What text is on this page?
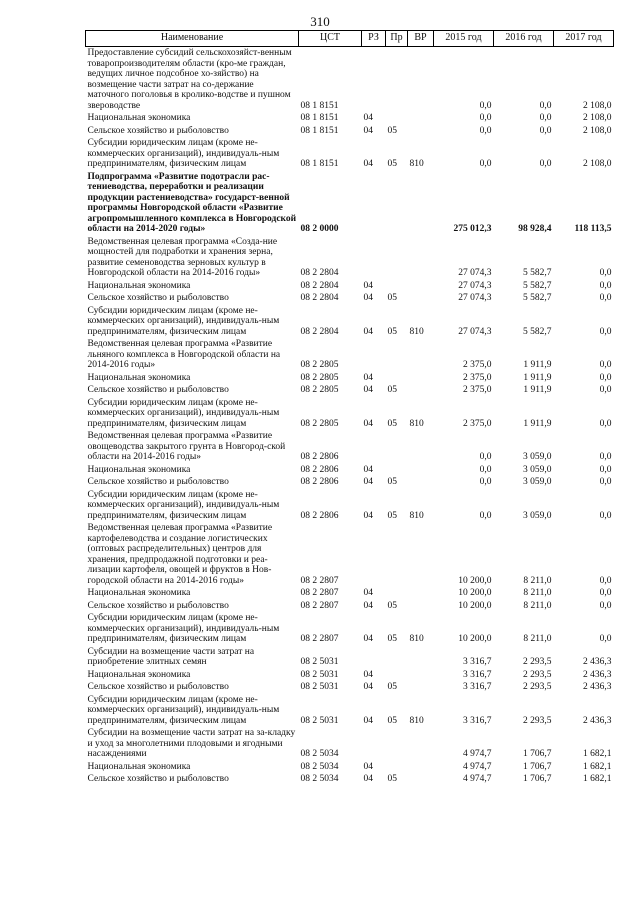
310
Наименование	ЦСТ	РЗ	Пр	ВР	2015 год	2016 год	2017 год
Предоставление субсидий сельскохозяйст-венным товаропроизводителям области (кро-ме граждан, ведущих личное подсобное хо-зяйство) на возмещение части затрат на со-держание маточного поголовья в кролико-водстве и пушном звероводстве	08 1 8151				0,0	0,0	2 108,0
Национальная экономика	08 1 8151	04			0,0	0,0	2 108,0
Сельское хозяйство и рыболовство	08 1 8151	04	05		0,0	0,0	2 108,0
Субсидии юридическим лицам (кроме не-коммерческих организаций), индивидуаль-ным предпринимателям, физическим лицам	08 1 8151	04	05	810	0,0	0,0	2 108,0
Подпрограмма «Развитие подотрасли рас-тениеводства, переработки и реализации продукции растениеводства» государст-венной программы Новгородской области «Развитие агропромышленного комплекса в Новгородской области на 2014-2020 годы»	08 2 0000				275 012,3	98 928,4	118 113,5
Ведомственная целевая программа «Созда-ние мощностей для подработки и хранения зерна, развитие семеноводства зерновых культур в Новгородской области на 2014-2016 годы»	08 2 2804				27 074,3	5 582,7	0,0
Национальная экономика	08 2 2804	04			27 074,3	5 582,7	0,0
Сельское хозяйство и рыболовство	08 2 2804	04	05		27 074,3	5 582,7	0,0
Субсидии юридическим лицам (кроме не-коммерческих организаций), индивидуаль-ным предпринимателям, физическим лицам	08 2 2804	04	05	810	27 074,3	5 582,7	0,0
Ведомственная целевая программа «Развитие льняного комплекса в Новгородской области на 2014-2016 годы»	08 2 2805				2 375,0	1 911,9	0,0
Национальная экономика	08 2 2805	04			2 375,0	1 911,9	0,0
Сельское хозяйство и рыболовство	08 2 2805	04	05		2 375,0	1 911,9	0,0
Субсидии юридическим лицам (кроме не-коммерческих организаций), индивидуаль-ным предпринимателям, физическим лицам	08 2 2805	04	05	810	2 375,0	1 911,9	0,0
Ведомственная целевая программа «Развитие овощеводства закрытого грунта в Новгород-ской области на 2014-2016 годы»	08 2 2806				0,0	3 059,0	0,0
Национальная экономика	08 2 2806	04			0,0	3 059,0	0,0
Сельское хозяйство и рыболовство	08 2 2806	04	05		0,0	3 059,0	0,0
Субсидии юридическим лицам (кроме не-коммерческих организаций), индивидуаль-ным предпринимателям, физическим лицам	08 2 2806	04	05	810	0,0	3 059,0	0,0
Ведомственная целевая программа «Развитие картофелеводства и создание логистических (оптовых распределительных) центров для хранения, предпродажной подготовки и реа-лизации картофеля, овощей и фруктов в Нов-городской области на 2014-2016 годы»	08 2 2807				10 200,0	8 211,0	0,0
Национальная экономика	08 2 2807	04			10 200,0	8 211,0	0,0
Сельское хозяйство и рыболовство	08 2 2807	04	05		10 200,0	8 211,0	0,0
Субсидии юридическим лицам (кроме не-коммерческих организаций), индивидуаль-ным предпринимателям, физическим лицам	08 2 2807	04	05	810	10 200,0	8 211,0	0,0
Субсидии на возмещение части затрат на приобретение элитных семян	08 2 5031				3 316,7	2 293,5	2 436,3
Национальная экономика	08 2 5031	04			3 316,7	2 293,5	2 436,3
Сельское хозяйство и рыболовство	08 2 5031	04	05		3 316,7	2 293,5	2 436,3
Субсидии юридическим лицам (кроме не-коммерческих организаций), индивидуаль-ным предпринимателям, физическим лицам	08 2 5031	04	05	810	3 316,7	2 293,5	2 436,3
Субсидии на возмещение части затрат на за-кладку и уход за многолетними плодовыми и ягодными насаждениями	08 2 5034				4 974,7	1 706,7	1 682,1
Национальная экономика	08 2 5034	04			4 974,7	1 706,7	1 682,1
Сельское хозяйство и рыболовство	08 2 5034	04	05		4 974,7	1 706,7	1 682,1
